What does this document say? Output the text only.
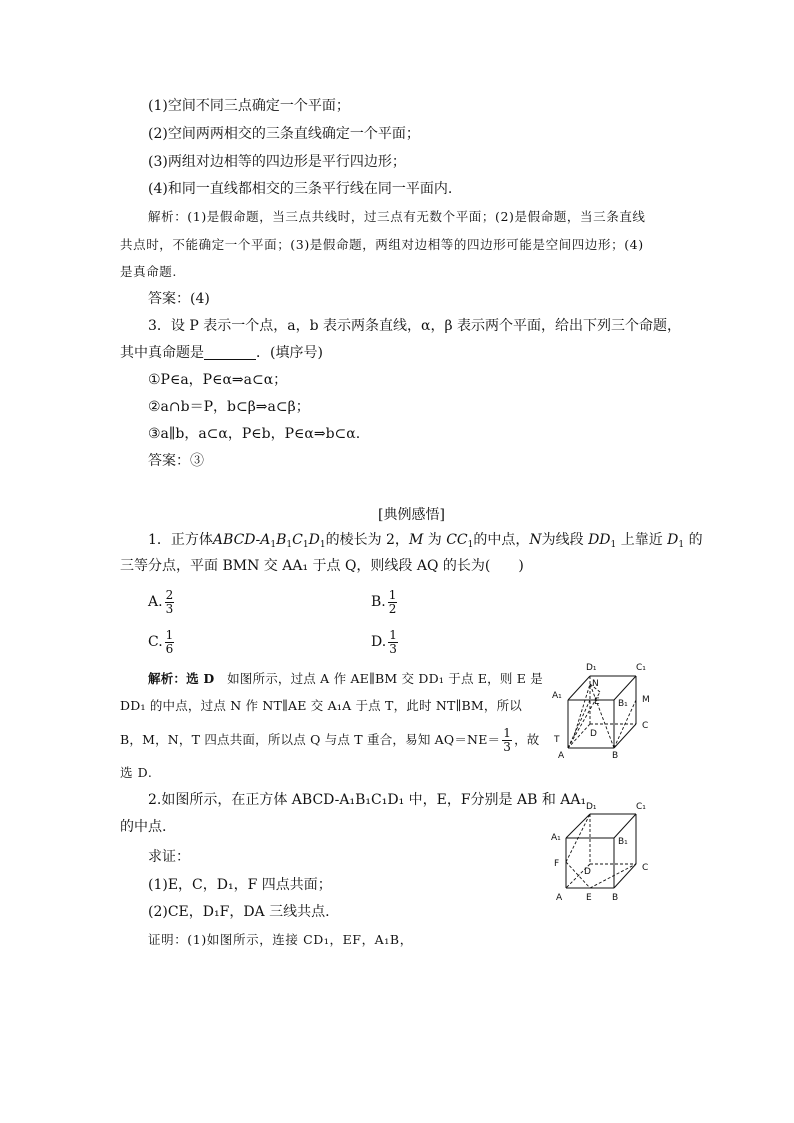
(1)空间不同三点确定一个平面；
(2)空间两两相交的三条直线确定一个平面；
(3)两组对边相等的四边形是平行四边形；
(4)和同一直线都相交的三条平行线在同一平面内.
解析：(1)是假命题，当三点共线时，过三点有无数个平面；(2)是假命题，当三条直线
共点时，不能确定一个平面；(3)是假命题，两组对边相等的四边形可能是空间四边形；(4)
是真命题.
答案：(4)
3．设 P 表示一个点，a，b 表示两条直线，α，β 表示两个平面，给出下列三个命题，
其中真命题是	．(填序号)
①P∈a，P∈α⇒a⊂α；
②a∩b＝P，b⊂β⇒a⊂β；
③a∥b，a⊂α，P∈b，P∈α⇒b⊂α.
答案：③
[典例感悟]
1．正方体ABCD-$A_1B_1C_1D_1$的棱长为 2，M 为 $CC_1$的中点，N为线段 $DD_1$ 上靠近 $D_1$ 的
三等分点，平面 BMN 交 AA₁ 于点 Q，则线段 AQ 的长为(　　)
A. $\frac{2}{3}$	B. $\frac{1}{2}$
C. $\frac{1}{6}$	D. $\frac{1}{3}$
解析：选 D　 如图所示，过点 A 作 AE∥BM 交 DD₁ 于点 E，则 E 是
DD₁ 的中点，过点 N 作 NT∥AE 交 A₁A 于点 T，此时 NT∥BM，所以
B，M，N，T 四点共面，所以点 Q 与点 T 重合，易知 $AQ=NE= \frac{1}{3}$ ，故
选 D.
D₁	C₁
A₁
N
B₁ M
E
C
T
D
A	B
2.如图所示，在正方体 ABCD-A₁B₁C₁D₁ 中，E，F分别是 AB 和 AA₁
的中点.
求证：
(1)E，C，D₁，F 四点共面；
(2)CE，D₁F，DA 三线共点.
证明：(1)如图所示，连接 CD₁，EF，A₁B，
D₁	C₁
A₁	B₁
F
D	C
A	E B
